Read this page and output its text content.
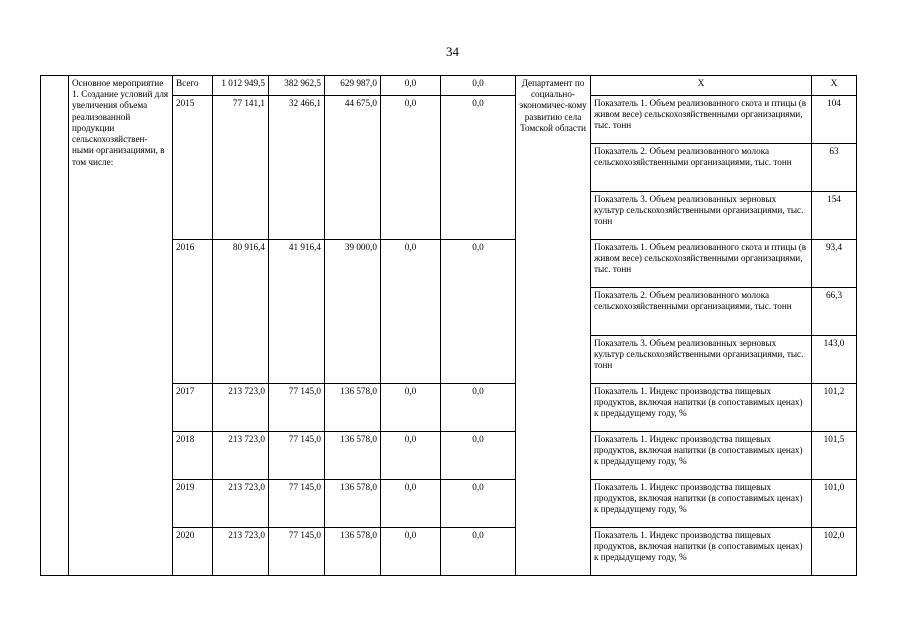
34
	Основное мероприятие 1. Создание условий для увеличения объема реализованной продукции сельскохозяйствен-ными организациями, в том числе:	Всего	1 012 949,5	382 962,5	629 987,0	0,0	0,0	Департамент по социально-экономичес-кому развитию села Томской области	Х	Х
		2015	77 141,1	32 466,1	44 675,0	0,0	0,0		Показатель 1. Объем реализованного скота и птицы (в живом весе) сельскохозяйственными организациями, тыс. тонн	104
									Показатель 2. Объем реализованного молока сельскохозяйственными организациями, тыс. тонн	63
									Показатель 3. Объем реализованных зерновых культур сельскохозяйственными организациями, тыс. тонн	154
		2016	80 916,4	41 916,4	39 000,0	0,0	0,0		Показатель 1. Объем реализованного скота и птицы (в живом весе) сельскохозяйственными организациями, тыс. тонн	93,4
									Показатель 2. Объем реализованного молока сельскохозяйственными организациями, тыс. тонн	66,3
									Показатель 3. Объем реализованных зерновых культур сельскохозяйственными организациями, тыс. тонн	143,0
		2017	213 723,0	77 145,0	136 578,0	0,0	0,0		Показатель 1. Индекс производства пищевых продуктов, включая напитки (в сопоставимых ценах) к предыдущему году, %	101,2
		2018	213 723,0	77 145,0	136 578,0	0,0	0,0		Показатель 1. Индекс производства пищевых продуктов, включая напитки (в сопоставимых ценах) к предыдущему году, %	101,5
		2019	213 723,0	77 145,0	136 578,0	0,0	0,0		Показатель 1. Индекс производства пищевых продуктов, включая напитки (в сопоставимых ценах) к предыдущему году, %	101,0
		2020	213 723,0	77 145,0	136 578,0	0,0	0,0		Показатель 1. Индекс производства пищевых продуктов, включая напитки (в сопоставимых ценах) к предыдущему году, %	102,0
